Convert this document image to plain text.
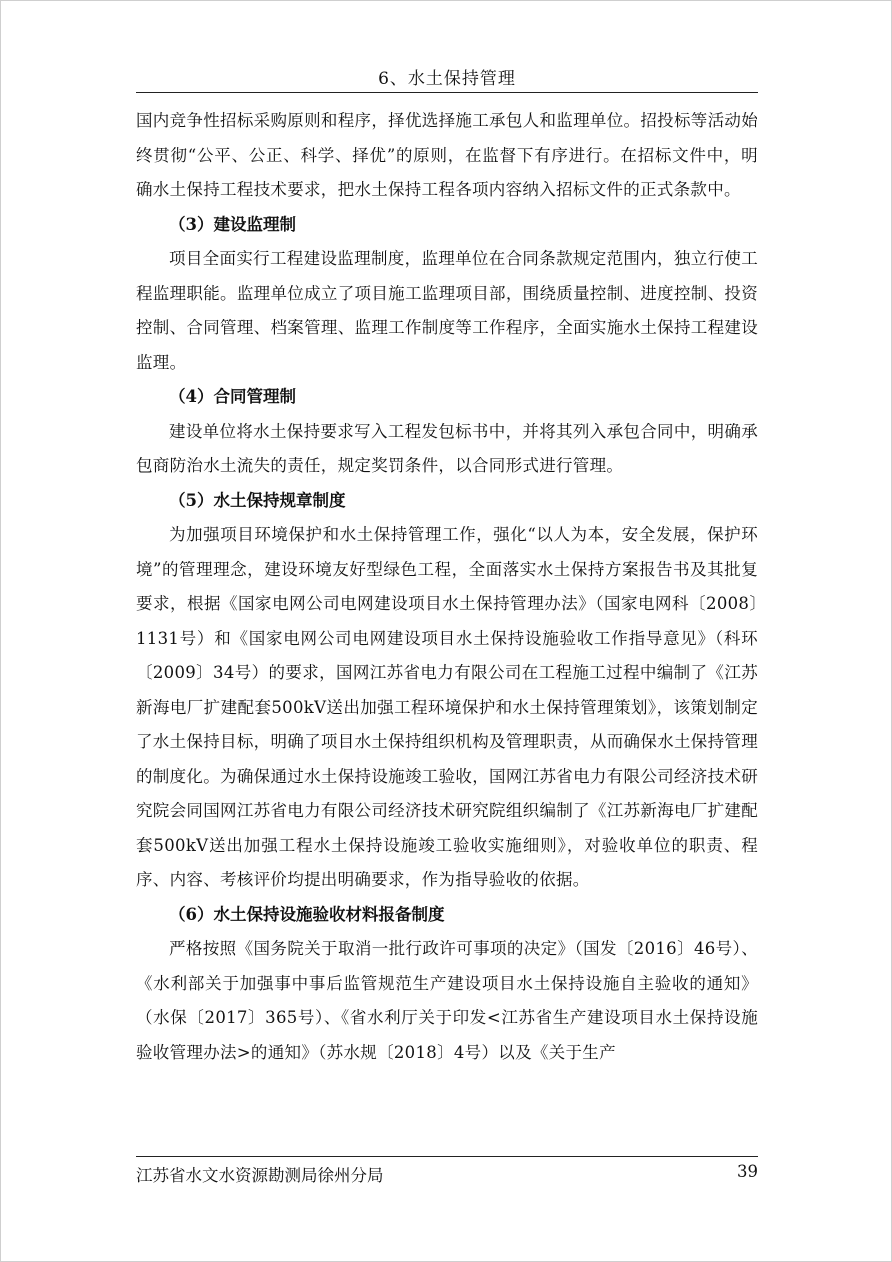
6、水土保持管理

国内竞争性招标采购原则和程序，择优选择施工承包人和监理单位。招投标等活动始终贯彻“公平、公正、科学、择优”的原则，在监督下有序进行。在招标文件中，明确水土保持工程技术要求，把水土保持工程各项内容纳入招标文件的正式条款中。

（3）建设监理制

项目全面实行工程建设监理制度，监理单位在合同条款规定范围内，独立行使工程监理职能。监理单位成立了项目施工监理项目部，围绕质量控制、进度控制、投资控制、合同管理、档案管理、监理工作制度等工作程序，全面实施水土保持工程建设监理。

（4）合同管理制

建设单位将水土保持要求写入工程发包标书中，并将其列入承包合同中，明确承包商防治水土流失的责任，规定奖罚条件，以合同形式进行管理。

（5）水土保持规章制度

为加强项目环境保护和水土保持管理工作，强化“以人为本，安全发展，保护环境”的管理理念，建设环境友好型绿色工程，全面落实水土保持方案报告书及其批复要求，根据《国家电网公司电网建设项目水土保持管理办法》（国家电网科〔2008〕1131号）和《国家电网公司电网建设项目水土保持设施验收工作指导意见》（科环〔2009〕34号）的要求，国网江苏省电力有限公司在工程施工过程中编制了《江苏新海电厂扩建配套500kV送出加强工程环境保护和水土保持管理策划》，该策划制定了水土保持目标，明确了项目水土保持组织机构及管理职责，从而确保水土保持管理的制度化。为确保通过水土保持设施竣工验收，国网江苏省电力有限公司经济技术研究院会同国网江苏省电力有限公司经济技术研究院组织编制了《江苏新海电厂扩建配套500kV送出加强工程水土保持设施竣工验收实施细则》，对验收单位的职责、程序、内容、考核评价均提出明确要求，作为指导验收的依据。

（6）水土保持设施验收材料报备制度

严格按照《国务院关于取消一批行政许可事项的决定》（国发〔2016〕46号）、《水利部关于加强事中事后监管规范生产建设项目水土保持设施自主验收的通知》（水保〔2017〕365号）、《省水利厅关于印发<江苏省生产建设项目水土保持设施验收管理办法>的通知》（苏水规〔2018〕4号）以及《关于生产

江苏省水文水资源勘测局徐州分局	39
